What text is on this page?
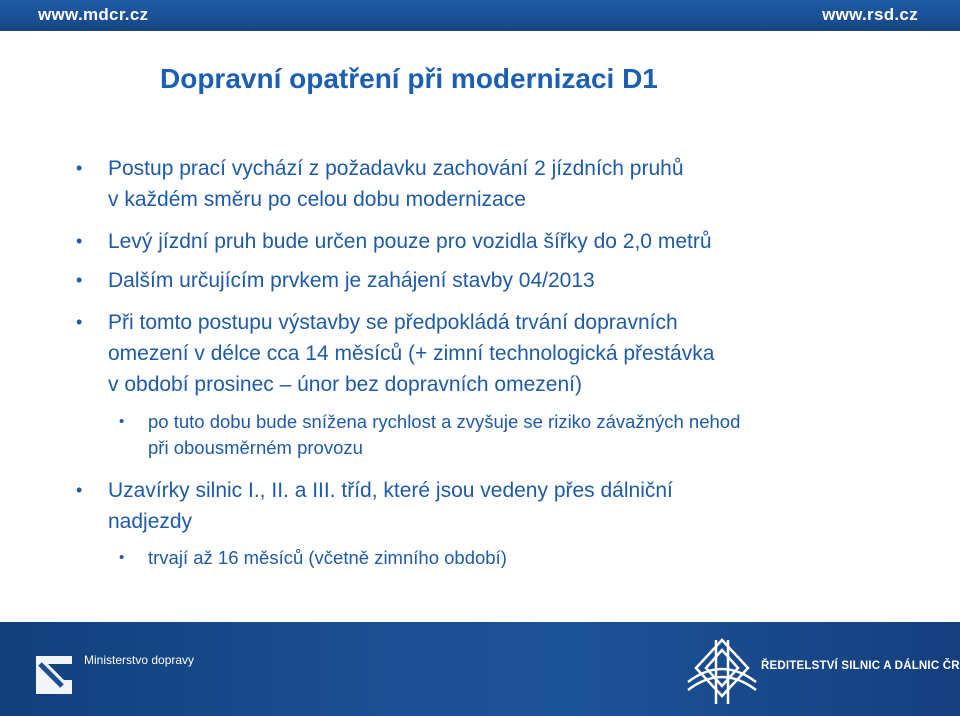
www.mdcr.cz	www.rsd.cz
Dopravní opatření při modernizaci D1
• Postup prací vychází z požadavku zachování 2 jízdních pruhů
v každém směru po celou dobu modernizace
• Levý jízdní pruh bude určen pouze pro vozidla šířky do 2,0 metrů
• Dalším určujícím prvkem je zahájení stavby 04/2013
• Při tomto postupu výstavby se předpokládá trvání dopravních
omezení v délce cca 14 měsíců (+ zimní technologická přestávka
v období prosinec – únor bez dopravních omezení)
• po tuto dobu bude snížena rychlost a zvyšuje se riziko závažných nehod
při obousměrném provozu
• Uzavírky silnic I., II. a III. tříd, které jsou vedeny přes dálniční
nadjezdy
• trvají až 16 měsíců (včetně zimního období)
Ministerstvo dopravy	ŘEDITELSTVÍ SILNIC A DÁLNIC ČR
